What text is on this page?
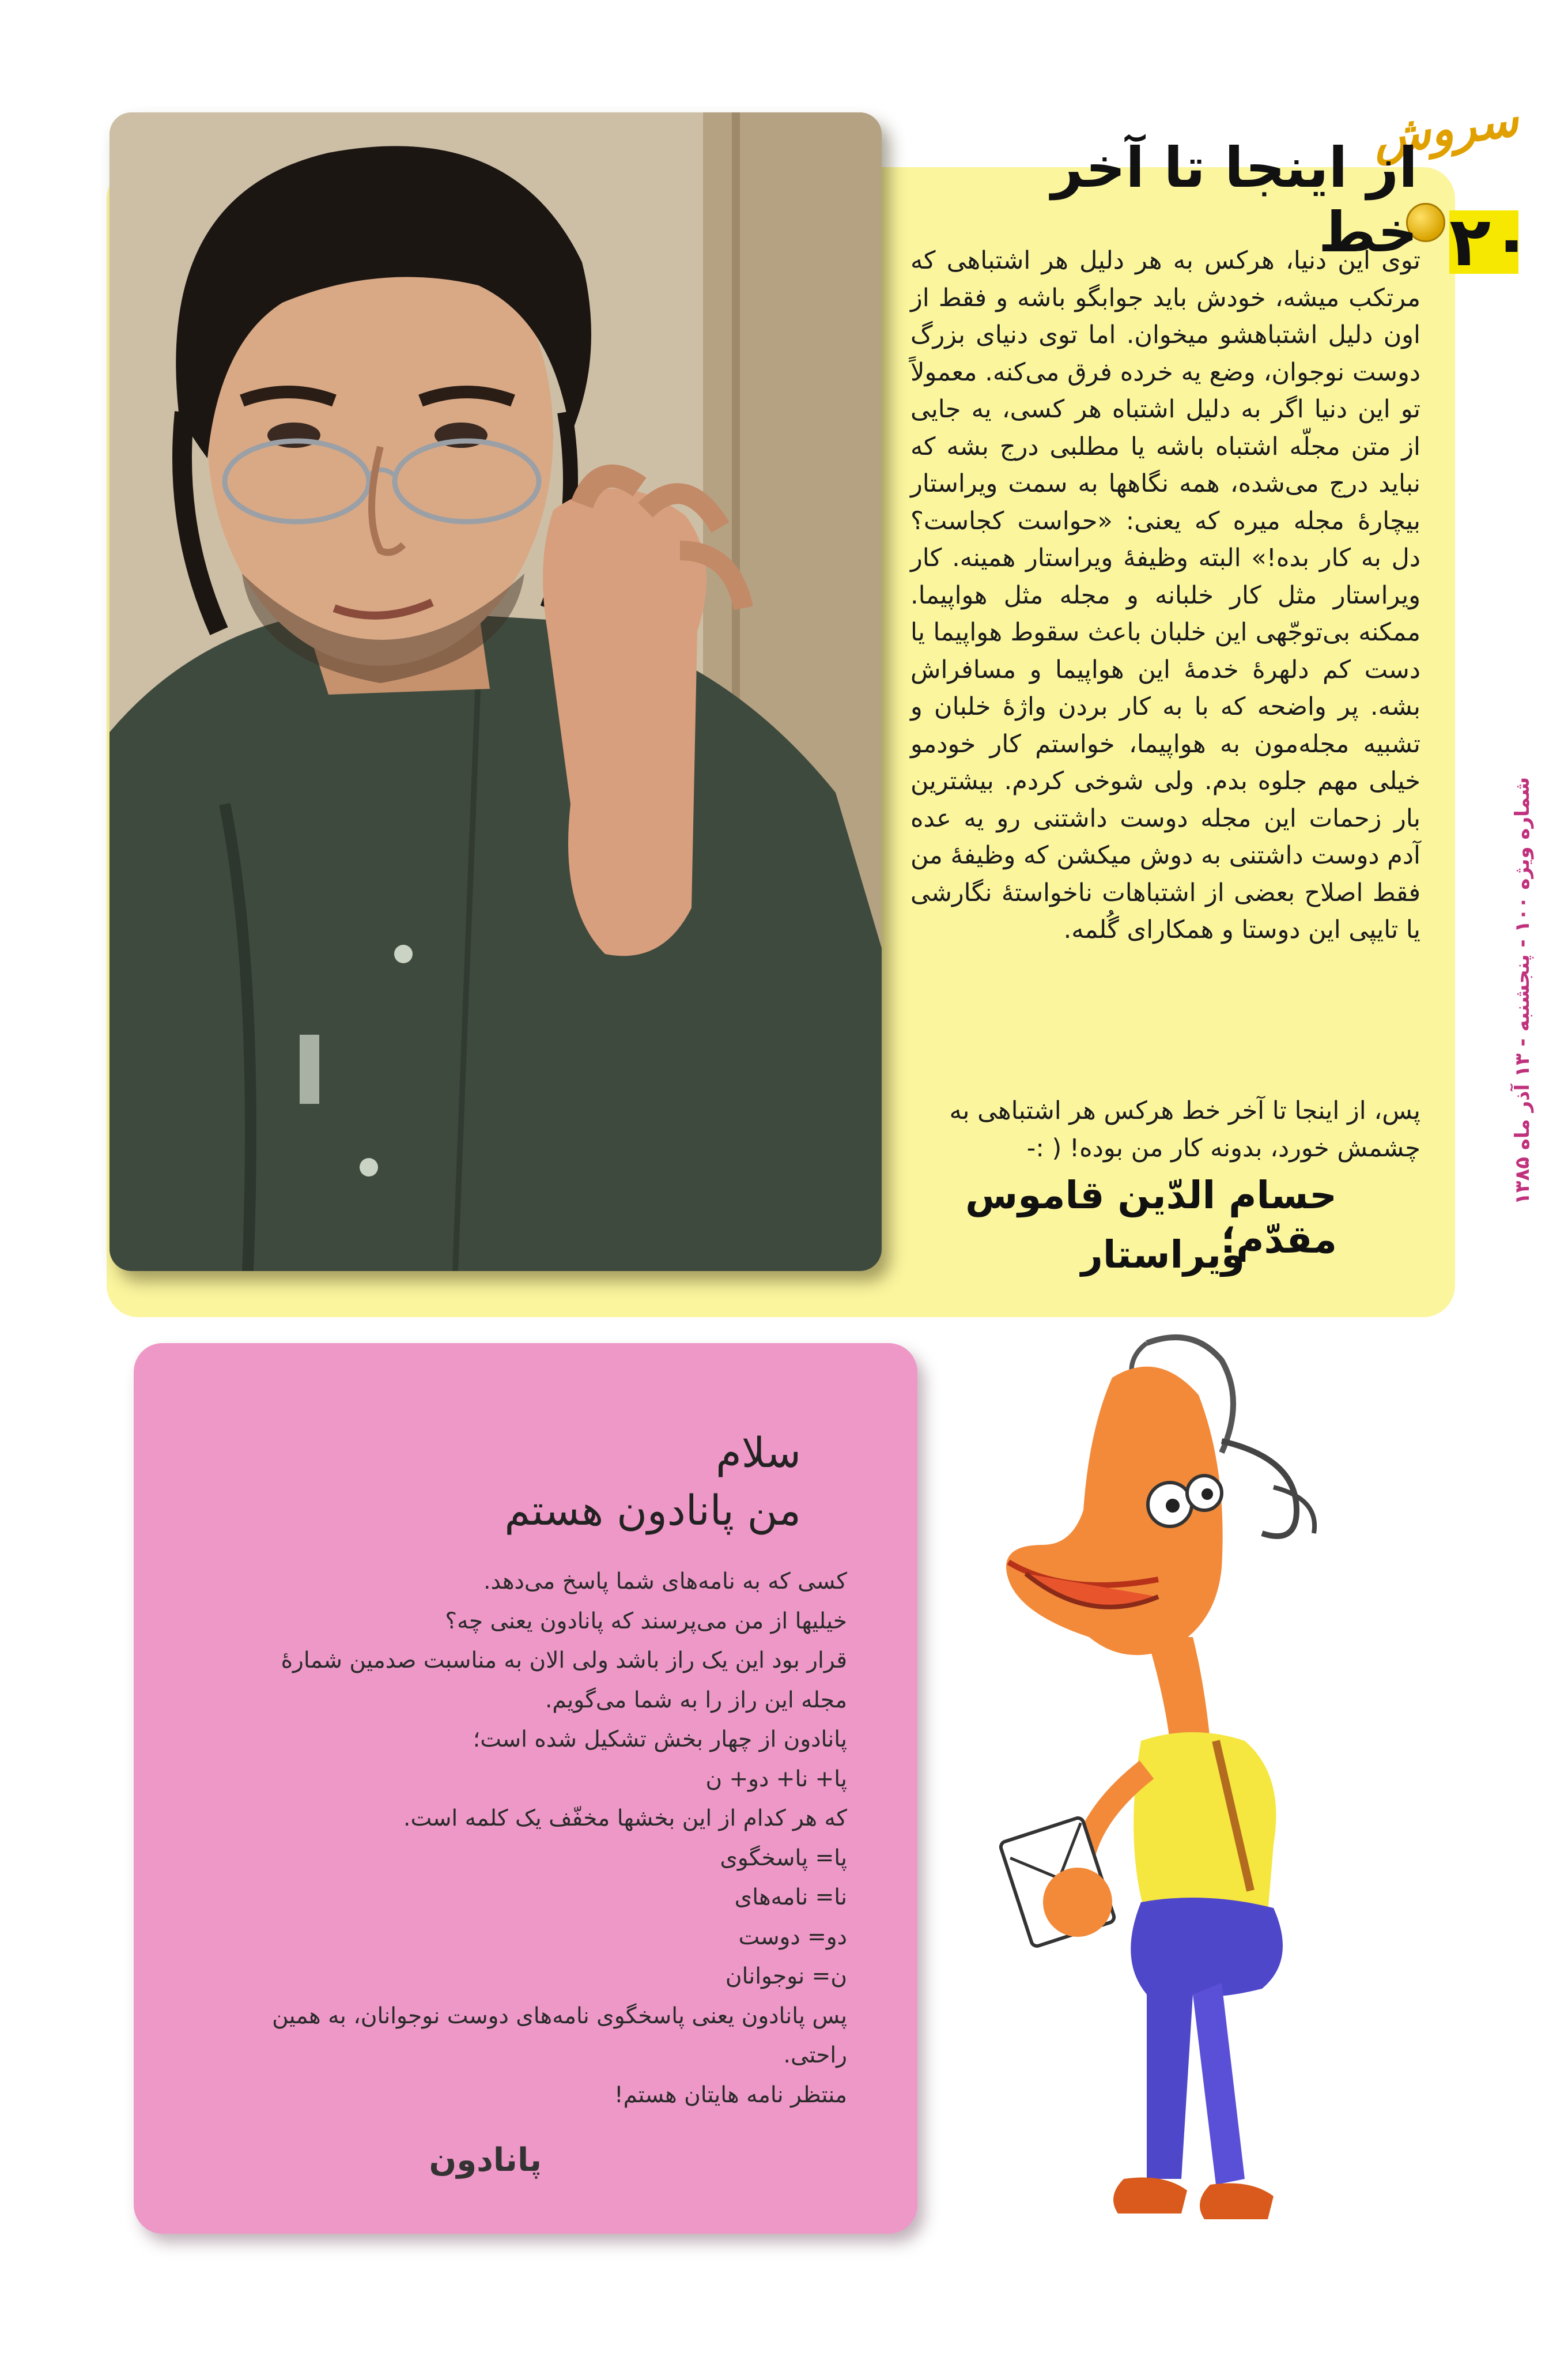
سروش
۲۰
از اینجا تا آخر خط
توی این دنیا، هرکس به هر دلیل هر اشتباهی که مرتکب میشه، خودش باید جوابگو باشه و فقط از اون دلیل اشتباهشو میخوان. اما توی دنیای بزرگ دوست نوجوان، وضع یه خرده فرق می‌کنه. معمولاً تو این دنیا اگر به دلیل اشتباه هر کسی، یه جایی از متن مجلّه اشتباه باشه یا مطلبی درج بشه که نباید درج می‌شده، همه نگاهها به سمت ویراستار بیچارهٔ مجله میره که یعنی: «حواست کجاست؟ دل به کار بده!» البته وظیفهٔ ویراستار همینه. کار ویراستار مثل کار خلبانه و مجله مثل هواپیما. ممکنه بی‌توجّهی این خلبان باعث سقوط هواپیما یا دست کم دلهرهٔ خدمهٔ این هواپیما و مسافراش بشه. پر واضحه که با به کار بردن واژهٔ خلبان و تشبیه مجله‌مون به هواپیما، خواستم کار خودمو خیلی مهم جلوه بدم. ولی شوخی کردم. بیشترین بار زحمات این مجله دوست داشتنی رو یه عده آدم دوست داشتنی به دوش میکشن که وظیفهٔ من فقط اصلاح بعضی از اشتباهات ناخواستهٔ نگارشی یا تایپی این دوستا و همکارای گُلمه.
پس، از اینجا تا آخر خط هرکس هر اشتباهی به چشمش خورد، بدونه کار من بوده! ( :-
حسام الدّین قاموس مقدّم؛
ویراستار
شماره ویژه ۱۰۰ - پنجشنبه - ۱۳ آذر ماه ۱۳۸۵
سلام
من پانادون هستم
کسی که به نامه‌های شما پاسخ می‌دهد.
خیلیها از من می‌پرسند که پانادون یعنی چه؟
قرار بود این یک راز باشد ولی الان به مناسبت صدمین شمارهٔ
مجله این راز را به شما می‌گویم.
پانادون از چهار بخش تشکیل شده است؛
پا+ نا+ دو+ ن
که هر کدام از این بخشها مخفّف یک کلمه است.
پا= پاسخگوی
نا= نامه‌های
دو= دوست
ن= نوجوانان
پس پانادون یعنی پاسخگوی نامه‌های دوست نوجوانان، به همین
راحتی.
منتظر نامه هایتان هستم!
پانادون
